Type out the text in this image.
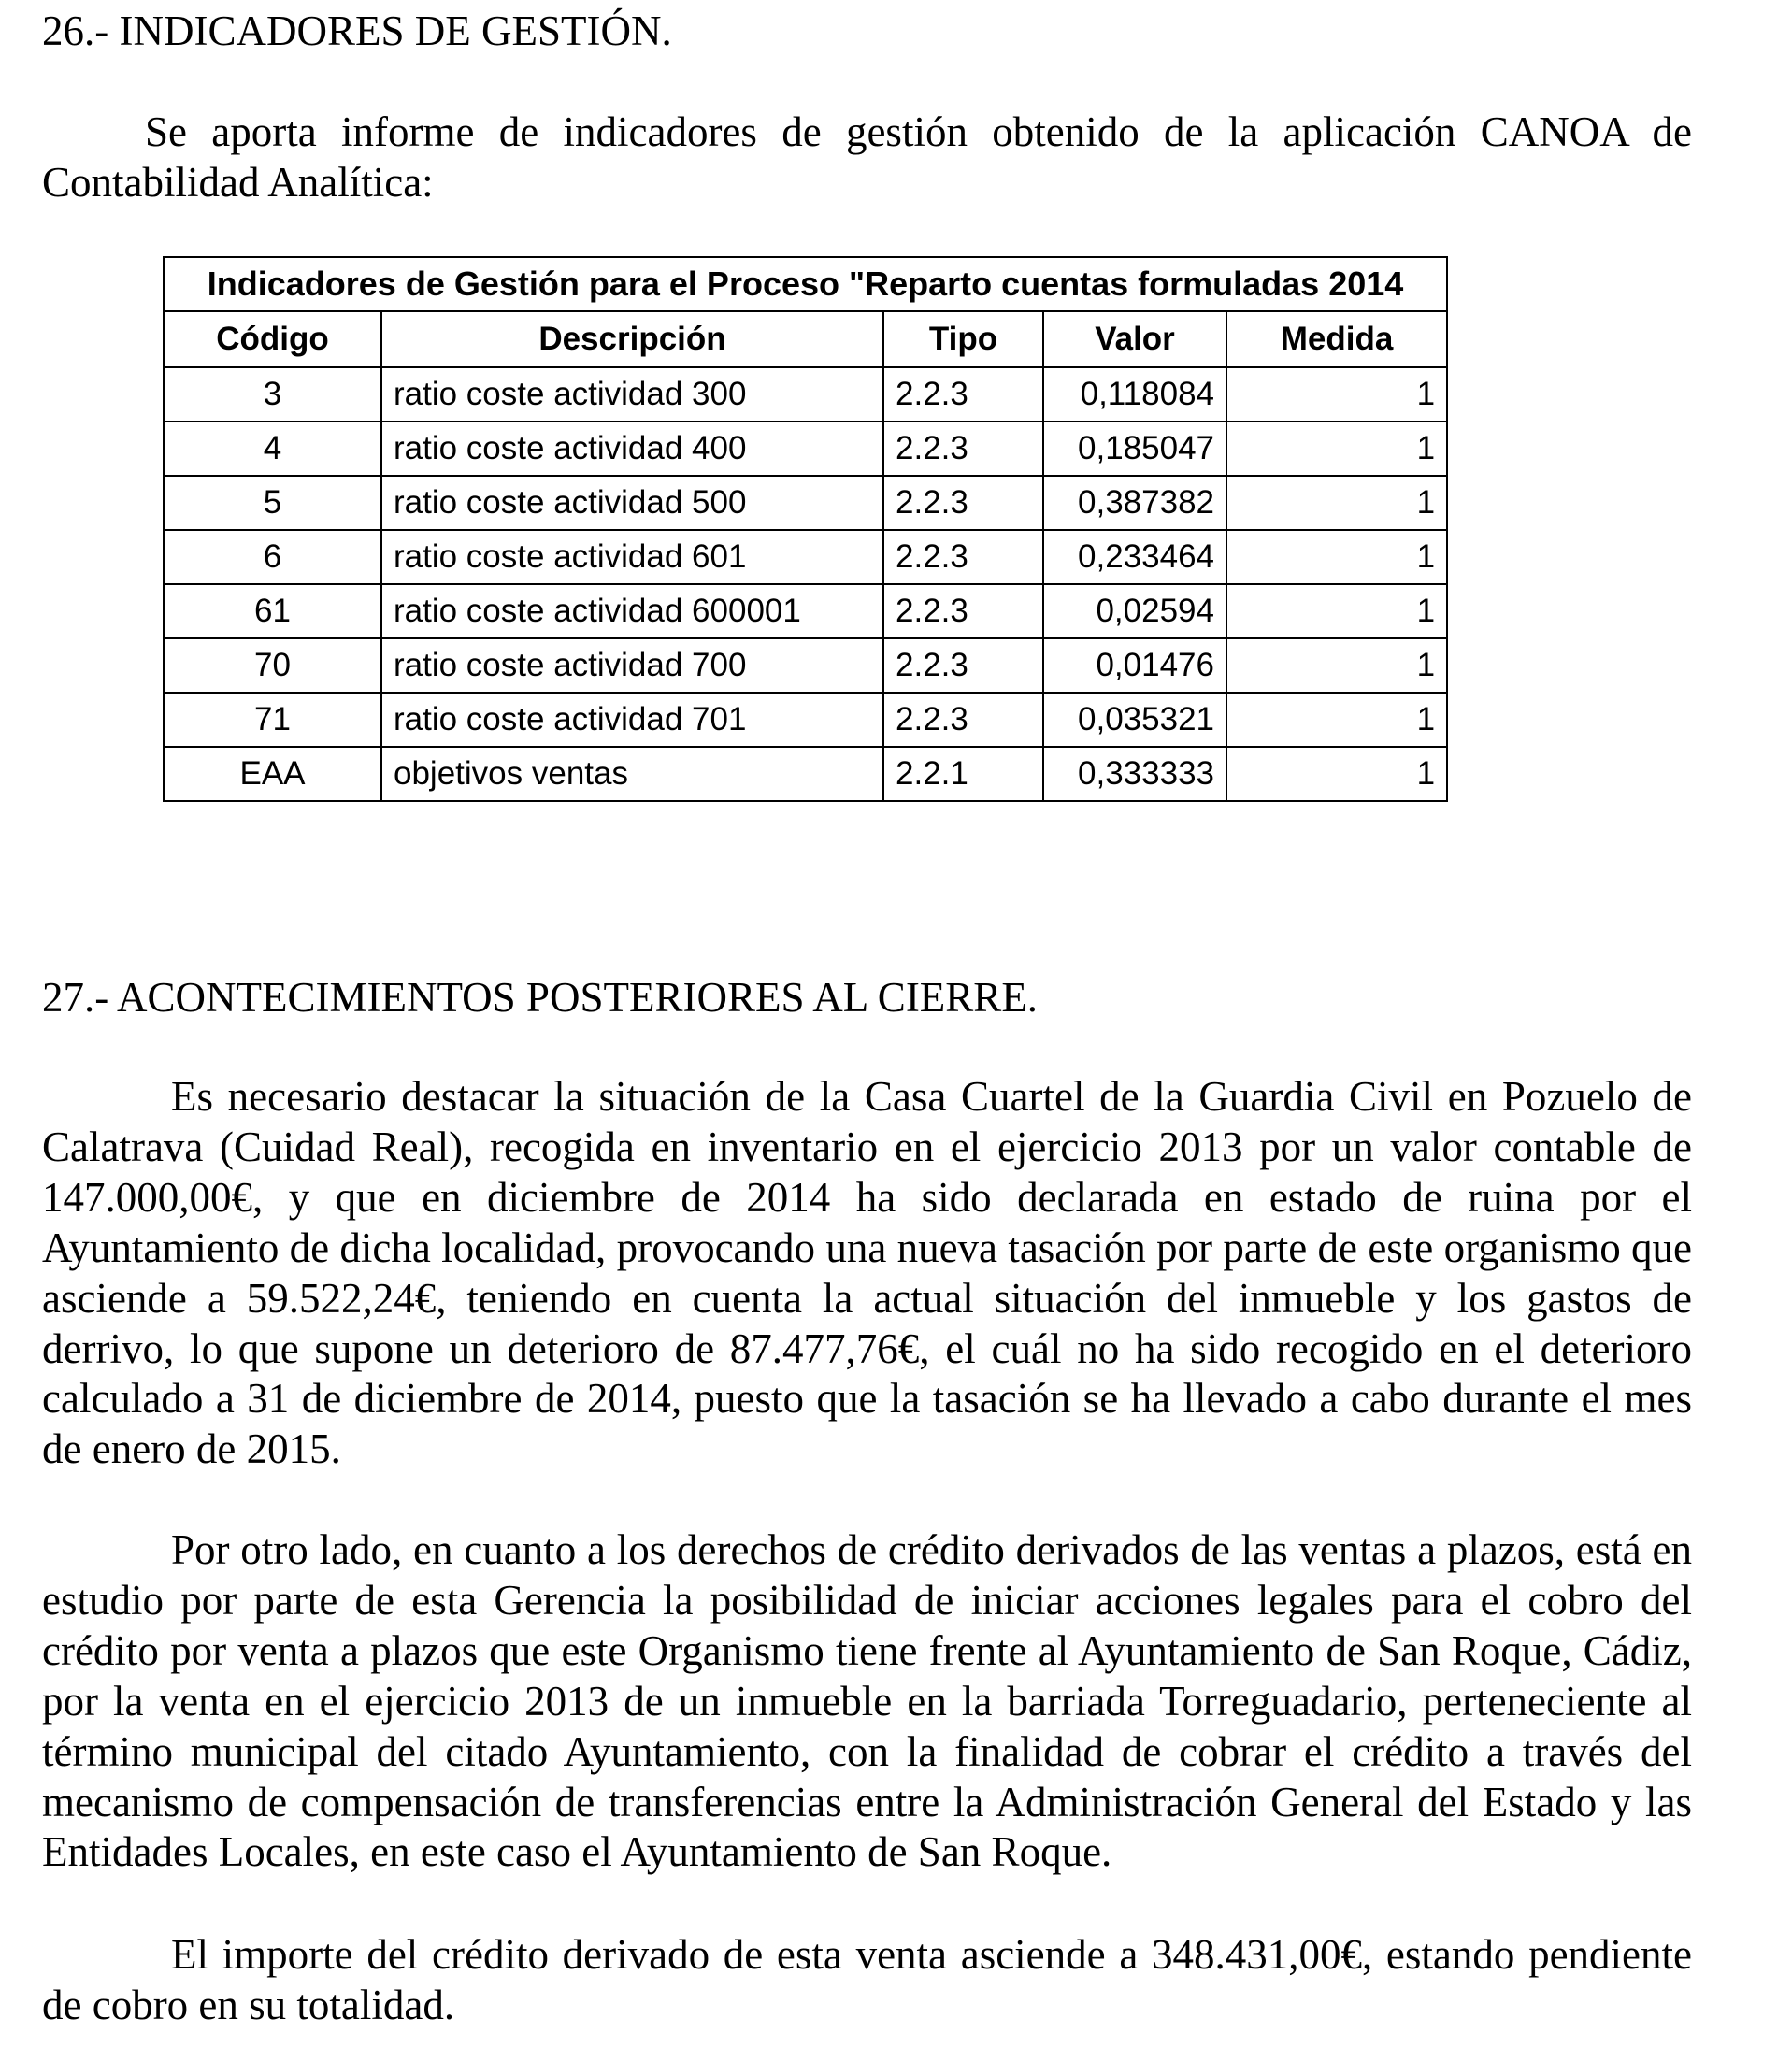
26.- INDICADORES DE GESTIÓN.

Se aporta informe de indicadores de gestión obtenido de la aplicación CANOA de Contabilidad Analítica:

Indicadores de Gestión para el Proceso "Reparto cuentas formuladas 2014				
Código	Descripción	Tipo	Valor	Medida
3	ratio coste actividad 300	2.2.3	0,118084	1
4	ratio coste actividad 400	2.2.3	0,185047	1
5	ratio coste actividad 500	2.2.3	0,387382	1
6	ratio coste actividad 601	2.2.3	0,233464	1
61	ratio coste actividad 600001	2.2.3	0,02594	1
70	ratio coste actividad 700	2.2.3	0,01476	1
71	ratio coste actividad 701	2.2.3	0,035321	1
EAA	objetivos ventas	2.2.1	0,333333	1
27.- ACONTECIMIENTOS POSTERIORES AL CIERRE.

Es necesario destacar la situación de la Casa Cuartel de la Guardia Civil en Pozuelo de Calatrava (Cuidad Real), recogida en inventario en el ejercicio 2013 por un valor contable de 147.000,00€, y que en diciembre de 2014 ha sido declarada en estado de ruina por el Ayuntamiento de dicha localidad, provocando una nueva tasación por parte de este organismo que asciende a 59.522,24€, teniendo en cuenta la actual situación del inmueble y los gastos de derrivo, lo que supone un deterioro de 87.477,76€, el cuál no ha sido recogido en el deterioro calculado a 31 de diciembre de 2014, puesto que la tasación se ha llevado a cabo durante el mes de enero de 2015.

Por otro lado, en cuanto a los derechos de crédito derivados de las ventas a plazos, está en estudio por parte de esta Gerencia la posibilidad de iniciar acciones legales para el cobro del crédito por venta a plazos que este Organismo tiene frente al Ayuntamiento de San Roque, Cádiz, por la venta en el ejercicio 2013 de un inmueble en la barriada Torreguadario, perteneciente al término municipal del citado Ayuntamiento, con la finalidad de cobrar el crédito a través del mecanismo de compensación de transferencias entre la Administración General del Estado y las Entidades Locales, en este caso el Ayuntamiento de San Roque.

El importe del crédito derivado de esta venta asciende a 348.431,00€, estando pendiente de cobro en su totalidad.
